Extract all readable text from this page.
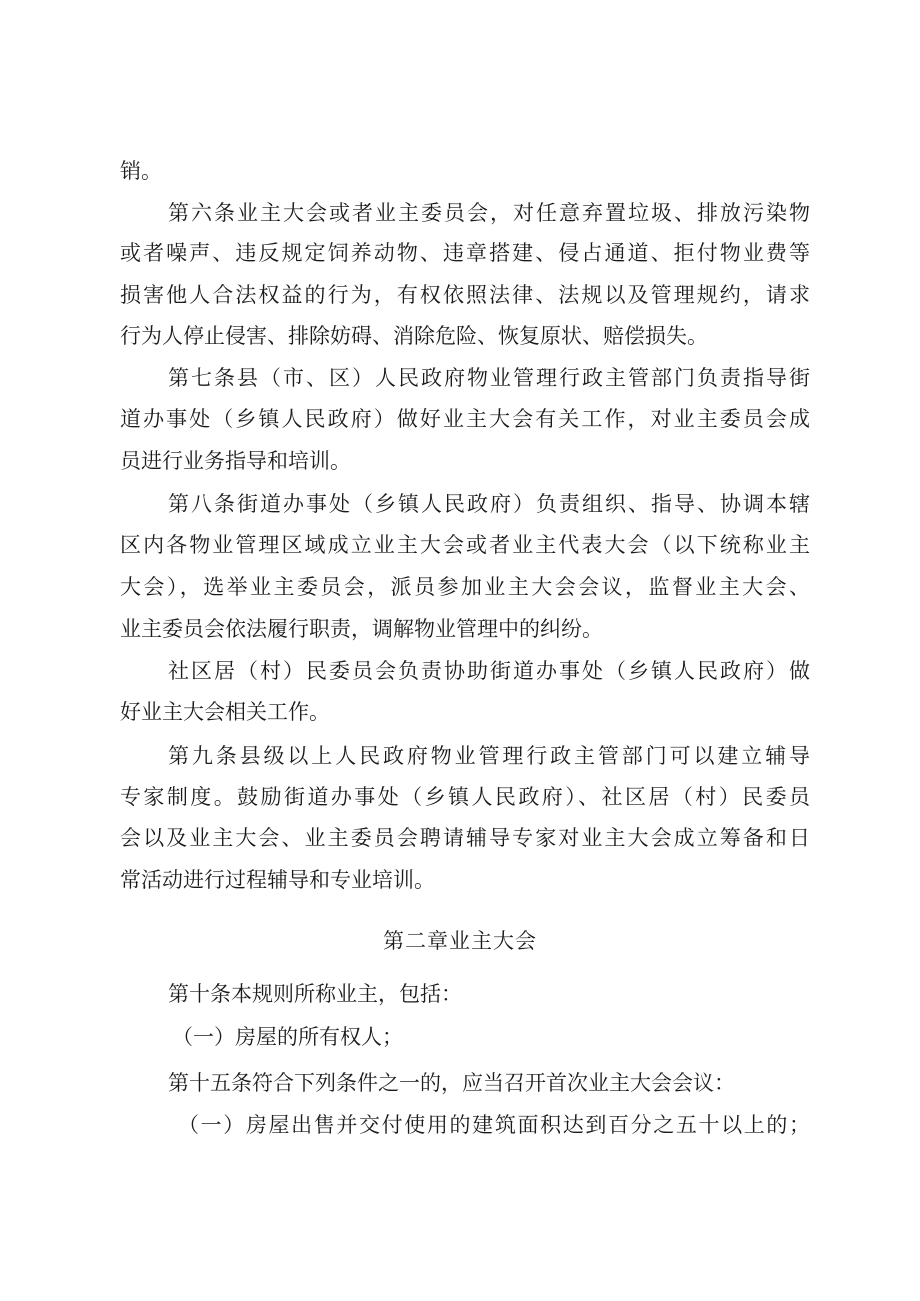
销。
第六条业主大会或者业主委员会，对任意弃置垃圾、排放污染物
或者噪声、违反规定饲养动物、违章搭建、侵占通道、拒付物业费等
损害他人合法权益的行为，有权依照法律、法规以及管理规约，请求
行为人停止侵害、排除妨碍、消除危险、恢复原状、赔偿损失。
第七条县（市、区）人民政府物业管理行政主管部门负责指导街
道办事处（乡镇人民政府）做好业主大会有关工作，对业主委员会成
员进行业务指导和培训。
第八条街道办事处（乡镇人民政府）负责组织、指导、协调本辖
区内各物业管理区域成立业主大会或者业主代表大会（以下统称业主
大会），选举业主委员会，派员参加业主大会会议，监督业主大会、
业主委员会依法履行职责，调解物业管理中的纠纷。
社区居（村）民委员会负责协助街道办事处（乡镇人民政府）做
好业主大会相关工作。
第九条县级以上人民政府物业管理行政主管部门可以建立辅导
专家制度。鼓励街道办事处（乡镇人民政府）、社区居（村）民委员
会以及业主大会、业主委员会聘请辅导专家对业主大会成立筹备和日
常活动进行过程辅导和专业培训。
第二章业主大会
第十条本规则所称业主，包括：
（一）房屋的所有权人；
第十五条符合下列条件之一的，应当召开首次业主大会会议：
（一）房屋出售并交付使用的建筑面积达到百分之五十以上的；
